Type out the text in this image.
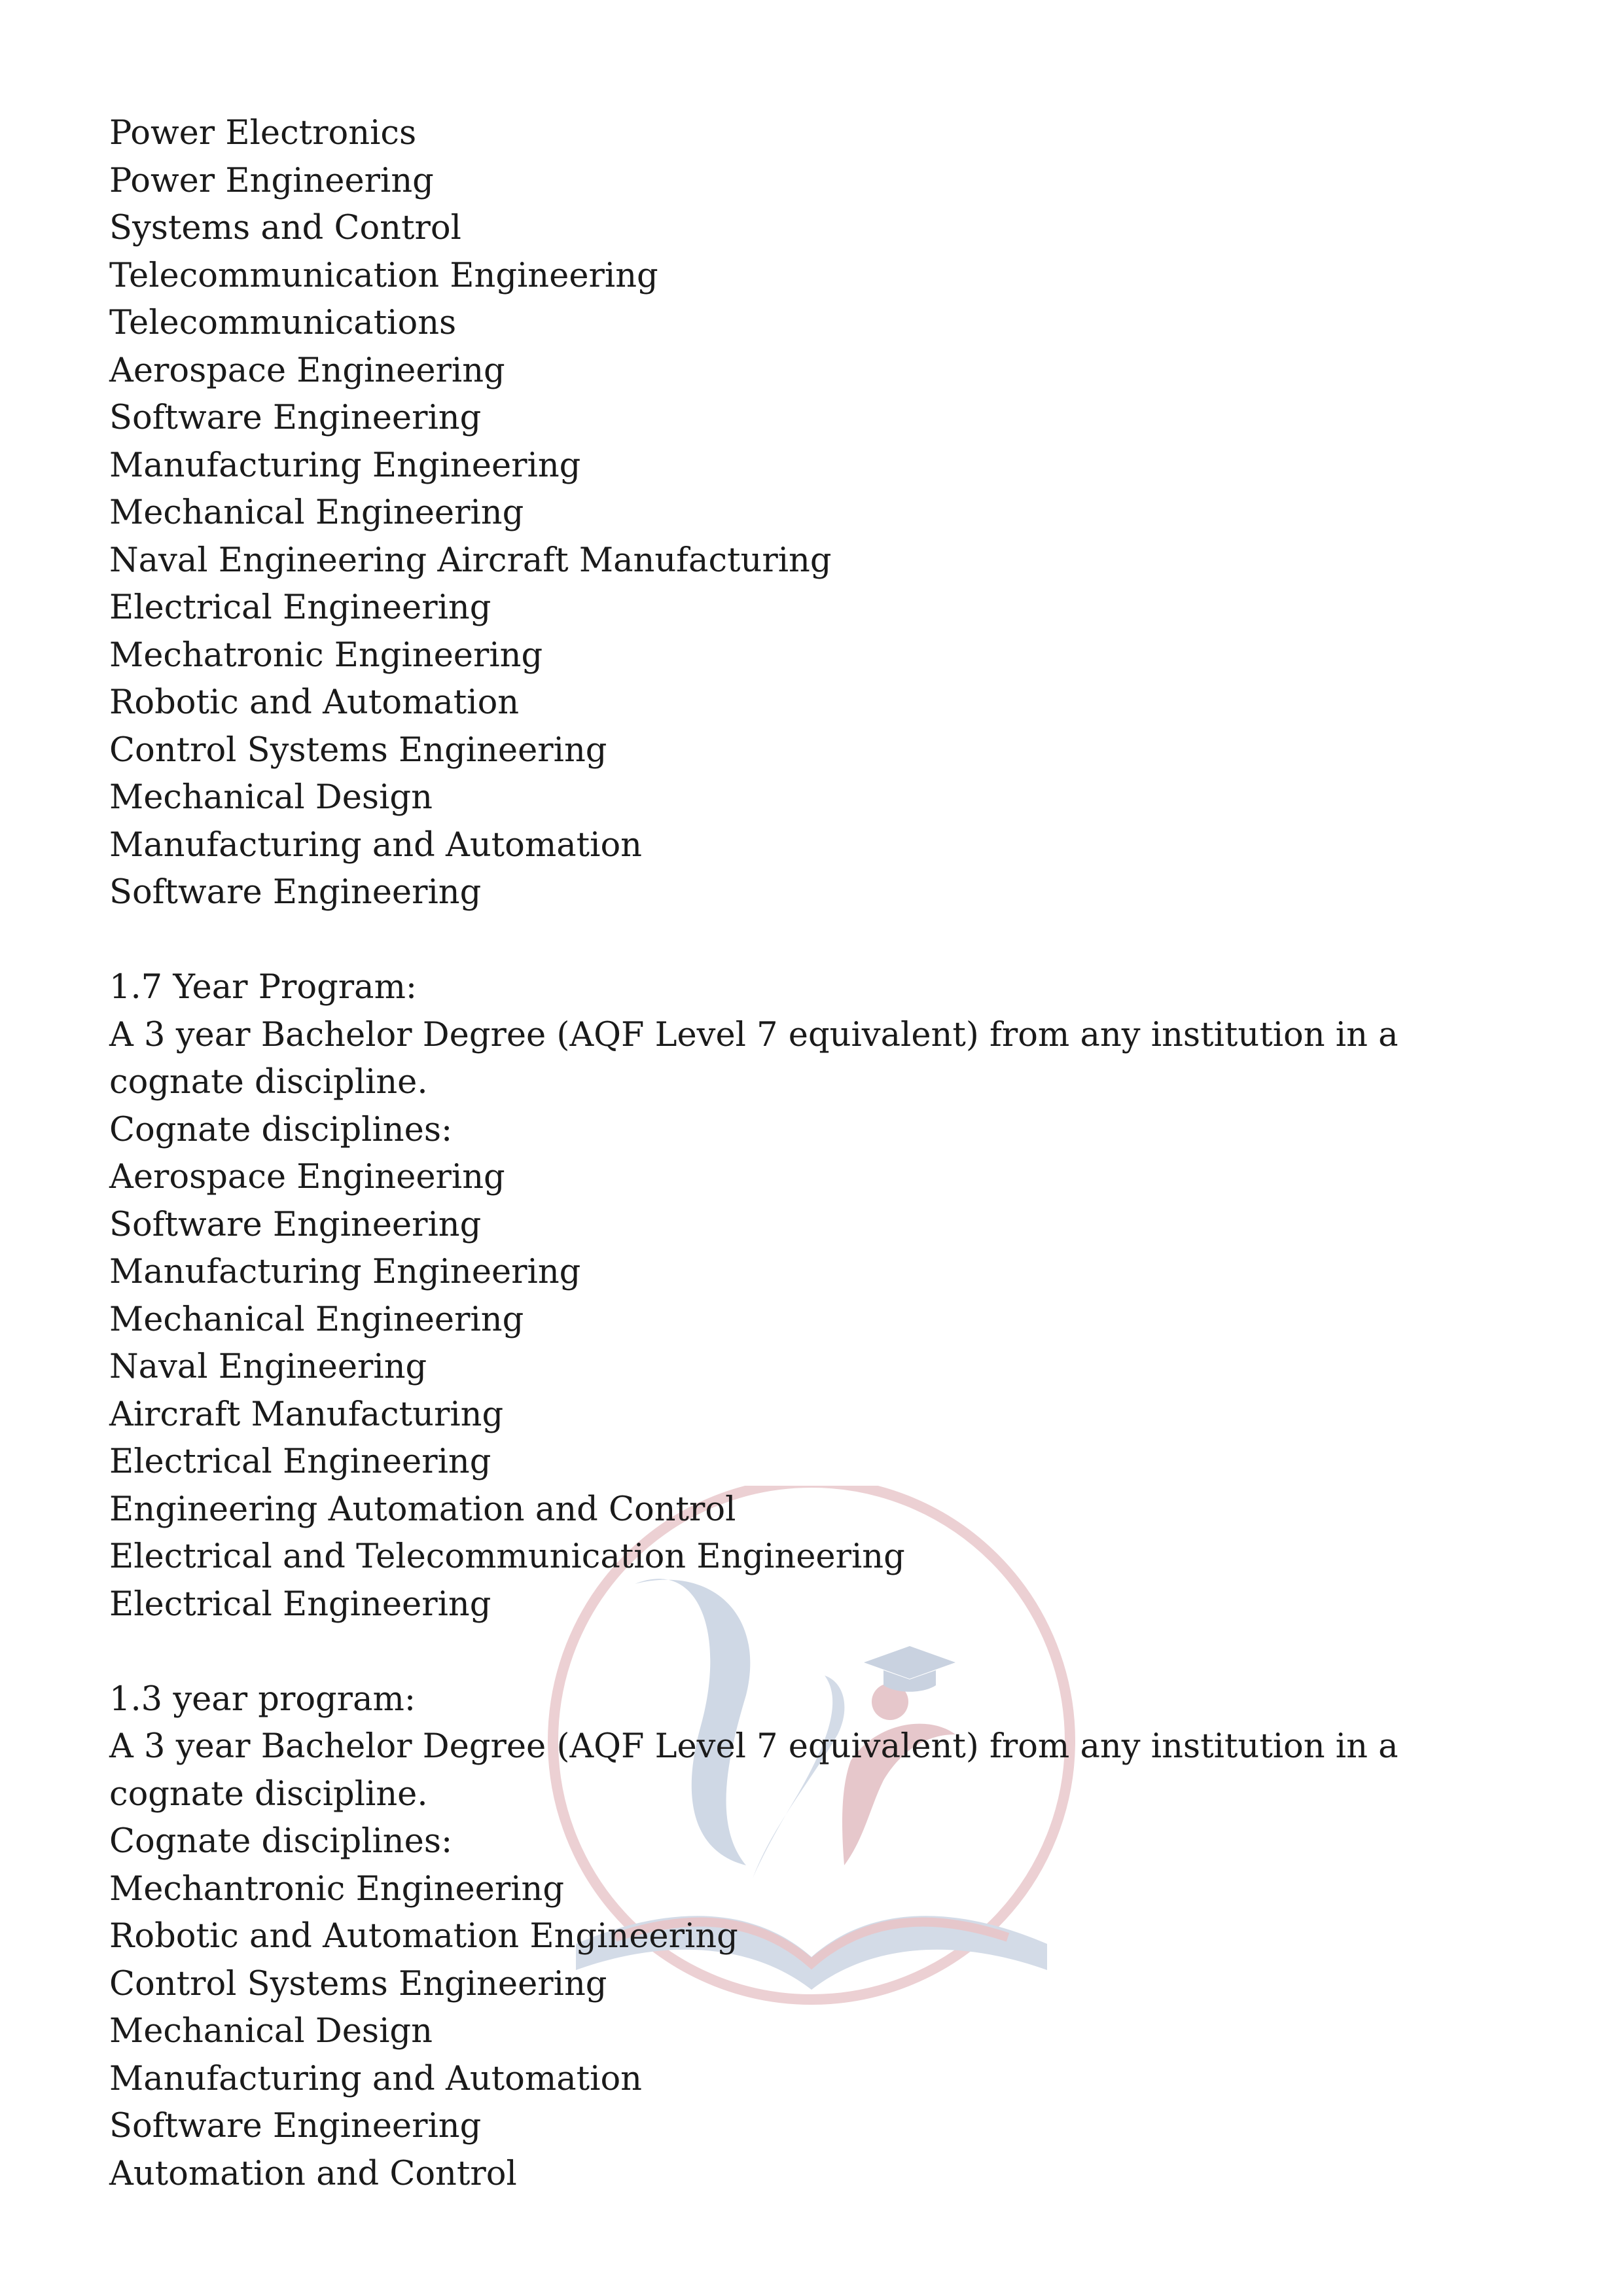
Power Electronics
Power Engineering
Systems and Control
Telecommunication Engineering
Telecommunications
Aerospace Engineering
Software Engineering
Manufacturing Engineering
Mechanical Engineering
Naval Engineering Aircraft Manufacturing
Electrical Engineering
Mechatronic Engineering
Robotic and Automation
Control Systems Engineering
Mechanical Design
Manufacturing and Automation
Software Engineering
1.7 Year Program:
A 3 year Bachelor Degree (AQF Level 7 equivalent) from any institution in a cognate discipline.
Cognate disciplines:
Aerospace Engineering
Software Engineering
Manufacturing Engineering
Mechanical Engineering
Naval Engineering
Aircraft Manufacturing
Electrical Engineering
Engineering Automation and Control
Electrical and Telecommunication Engineering
Electrical Engineering
1.3 year program:
A 3 year Bachelor Degree (AQF Level 7 equivalent) from any institution in a cognate discipline.
Cognate disciplines:
Mechantronic Engineering
Robotic and Automation Engineering
Control Systems Engineering
Mechanical Design
Manufacturing and Automation
Software Engineering
Automation and Control
